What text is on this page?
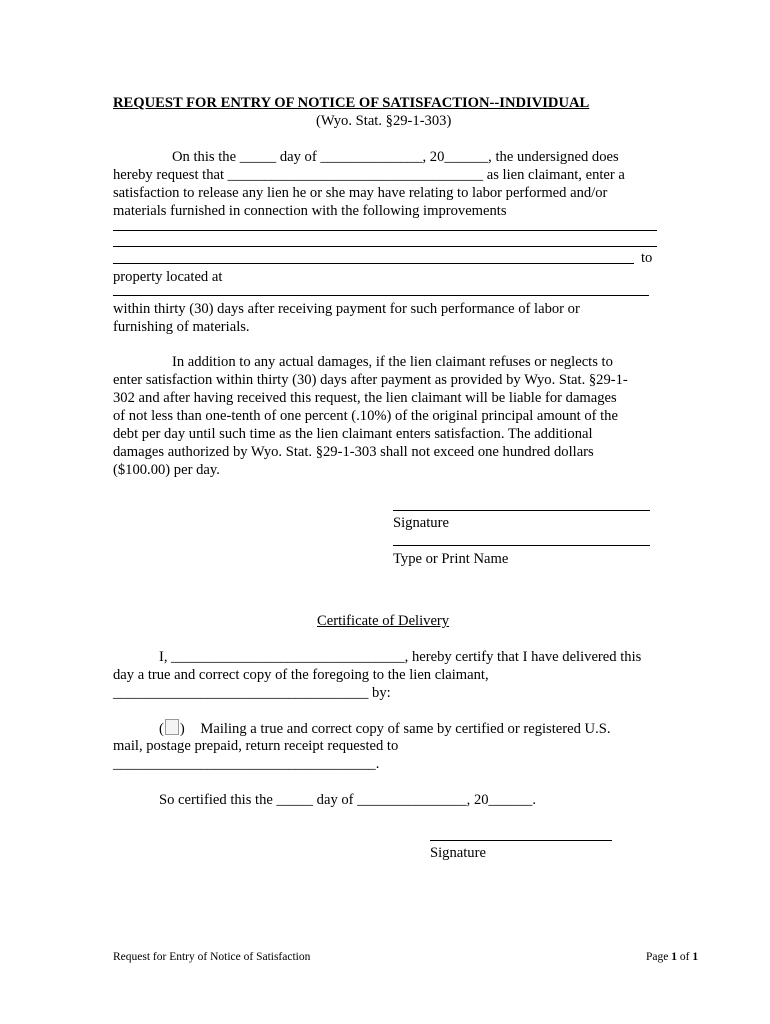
REQUEST FOR ENTRY OF NOTICE OF SATISFACTION--INDIVIDUAL
(Wyo. Stat. §29-1-303)
On this the _____ day of ______________, 20______, the undersigned does
hereby request that ___________________________________ as lien claimant, enter a
satisfaction to release any lien he or she may have relating to labor performed and/or
materials furnished in connection with the following improvements
to
property located at
within thirty (30) days after receiving payment for such performance of labor or
furnishing of materials.
In addition to any actual damages, if the lien claimant refuses or neglects to
enter satisfaction within thirty (30) days after payment as provided by Wyo. Stat. §29-1-
302 and after having received this request, the lien claimant will be liable for damages
of not less than one-tenth of one percent (.10%) of the original principal amount of the
debt per day until such time as the lien claimant enters satisfaction. The additional
damages authorized by Wyo. Stat. §29-1-303 shall not exceed one hundred dollars
($100.00) per day.
Signature
Type or Print Name
Certificate of Delivery
I, ________________________________, hereby certify that I have delivered this
day a true and correct copy of the foregoing to the lien claimant,
___________________________________ by:
( ) Mailing a true and correct copy of same by certified or registered U.S.
mail, postage prepaid, return receipt requested to
____________________________________.
So certified this the _____ day of _______________, 20______.
Signature
Request for Entry of Notice of Satisfaction	Page 1 of 1
